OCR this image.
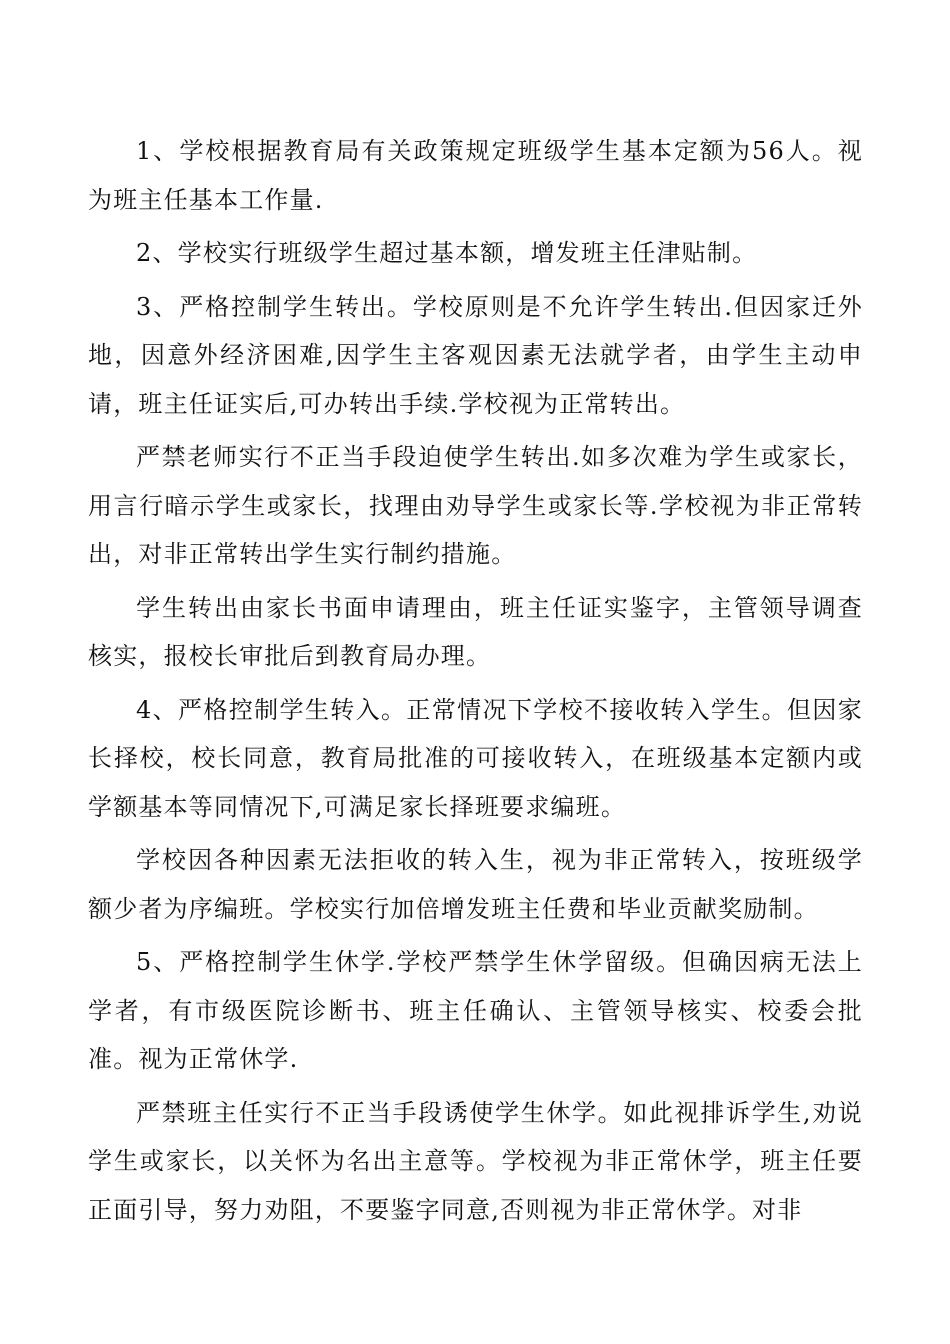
1、学校根据教育局有关政策规定班级学生基本定额为56人。视为班主任基本工作量.

2、学校实行班级学生超过基本额，增发班主任津贴制。

3、严格控制学生转出。学校原则是不允许学生转出.但因家迁外地，因意外经济困难,因学生主客观因素无法就学者，由学生主动申请，班主任证实后,可办转出手续.学校视为正常转出。

严禁老师实行不正当手段迫使学生转出.如多次难为学生或家长，用言行暗示学生或家长，找理由劝导学生或家长等.学校视为非正常转出，对非正常转出学生实行制约措施。

学生转出由家长书面申请理由，班主任证实鉴字，主管领导调查核实，报校长审批后到教育局办理。

4、严格控制学生转入。正常情况下学校不接收转入学生。但因家长择校，校长同意，教育局批准的可接收转入，在班级基本定额内或学额基本等同情况下,可满足家长择班要求编班。

学校因各种因素无法拒收的转入生，视为非正常转入，按班级学额少者为序编班。学校实行加倍增发班主任费和毕业贡献奖励制。

5、严格控制学生休学.学校严禁学生休学留级。但确因病无法上学者，有市级医院诊断书、班主任确认、主管领导核实、校委会批准。视为正常休学.

严禁班主任实行不正当手段诱使学生休学。如此视排诉学生,劝说学生或家长，以关怀为名出主意等。学校视为非正常休学，班主任要正面引导，努力劝阻，不要鉴字同意,否则视为非正常休学。对非
